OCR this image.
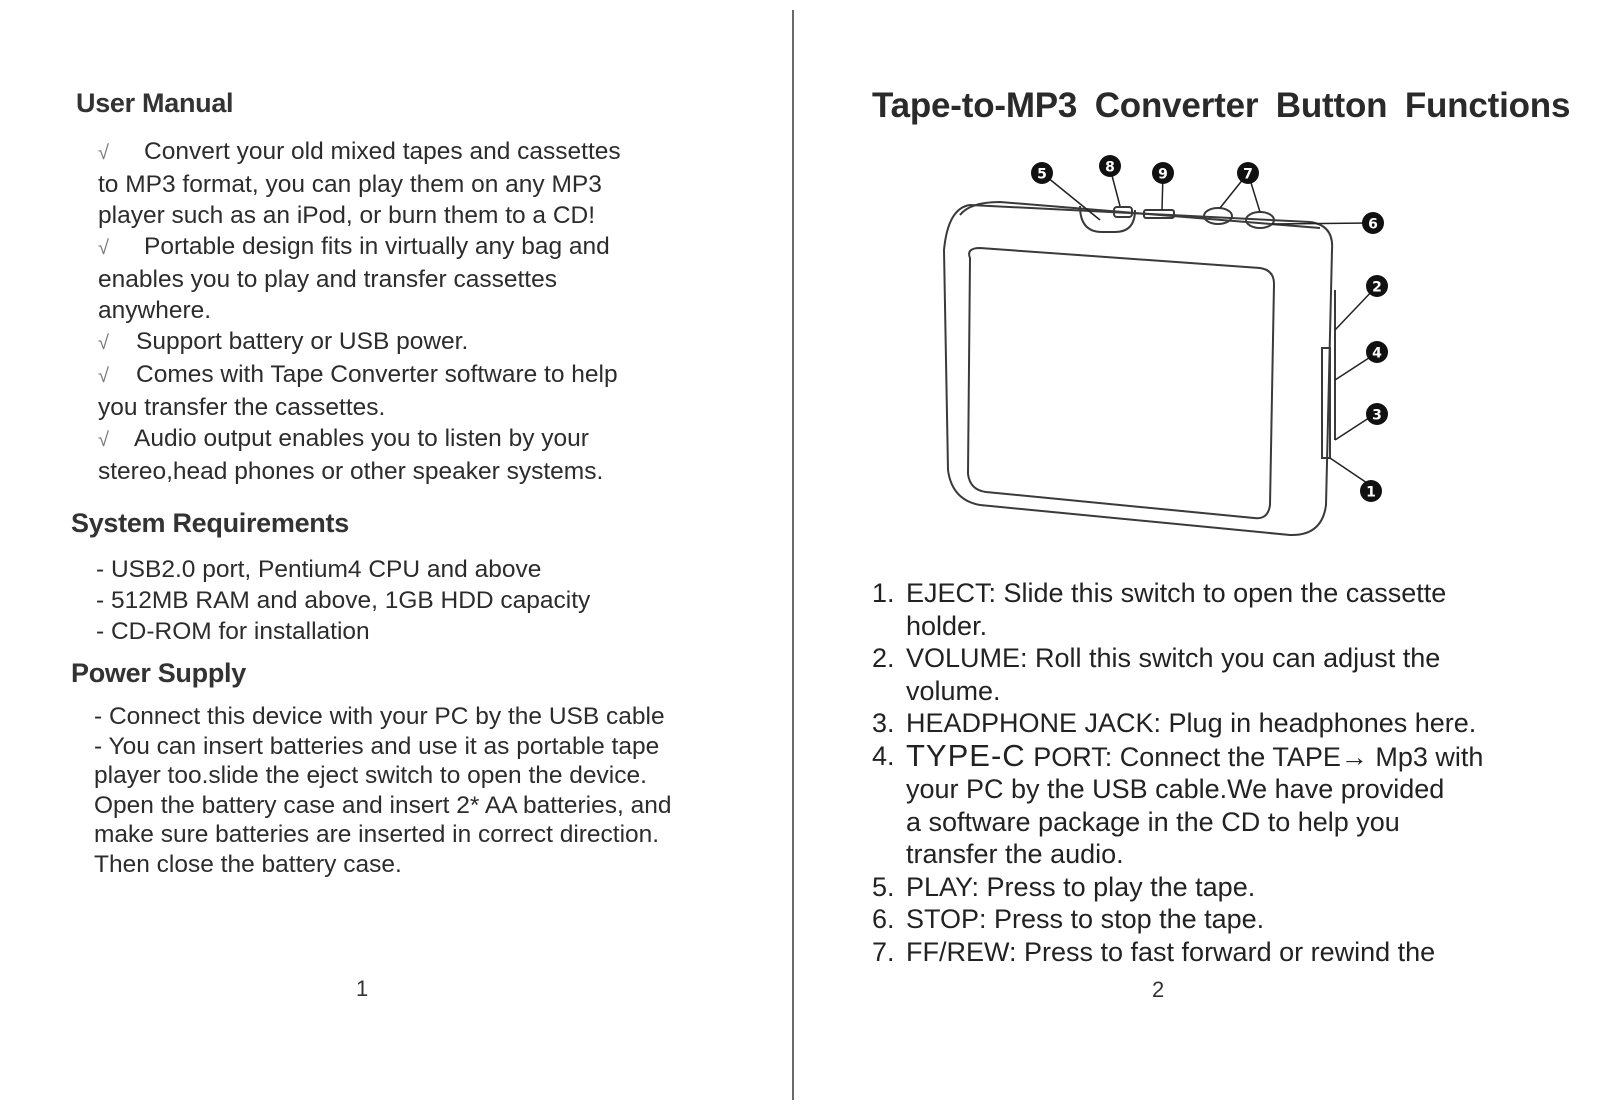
User Manual
√ Convert your old mixed tapes and cassettes
to MP3 format, you can play them on any MP3
player such as an iPod, or burn them to a CD!
√ Portable design fits in virtually any bag and
enables you to play and transfer cassettes
anywhere.
√ Support battery or USB power.
√ Comes with Tape Converter software to help
you transfer the cassettes.
√ Audio output enables you to listen by your
stereo,head phones or other speaker systems.
System Requirements
- USB2.0 port, Pentium4 CPU and above
- 512MB RAM and above, 1GB HDD capacity
- CD-ROM for installation
Power Supply
- Connect this device with your PC by the USB cable
- You can insert batteries and use it as portable tape
player too.slide the eject switch to open the device.
Open the battery case and insert 2* AA batteries, and
make sure batteries are inserted in correct direction.
Then close the battery case.
1
Tape-to-MP3 Converter Button Functions
5	8	9	7
6
2
4
3
1
1. EJECT: Slide this switch to open the cassette
holder.
2. VOLUME: Roll this switch you can adjust the
volume.
3. HEADPHONE JACK: Plug in headphones here.
4. TYPE-C PORT: Connect the TAPE→ Mp3 with
your PC by the USB cable.We have provided
a software package in the CD to help you
transfer the audio.
5. PLAY: Press to play the tape.
6. STOP: Press to stop the tape.
7. FF/REW: Press to fast forward or rewind the
2
